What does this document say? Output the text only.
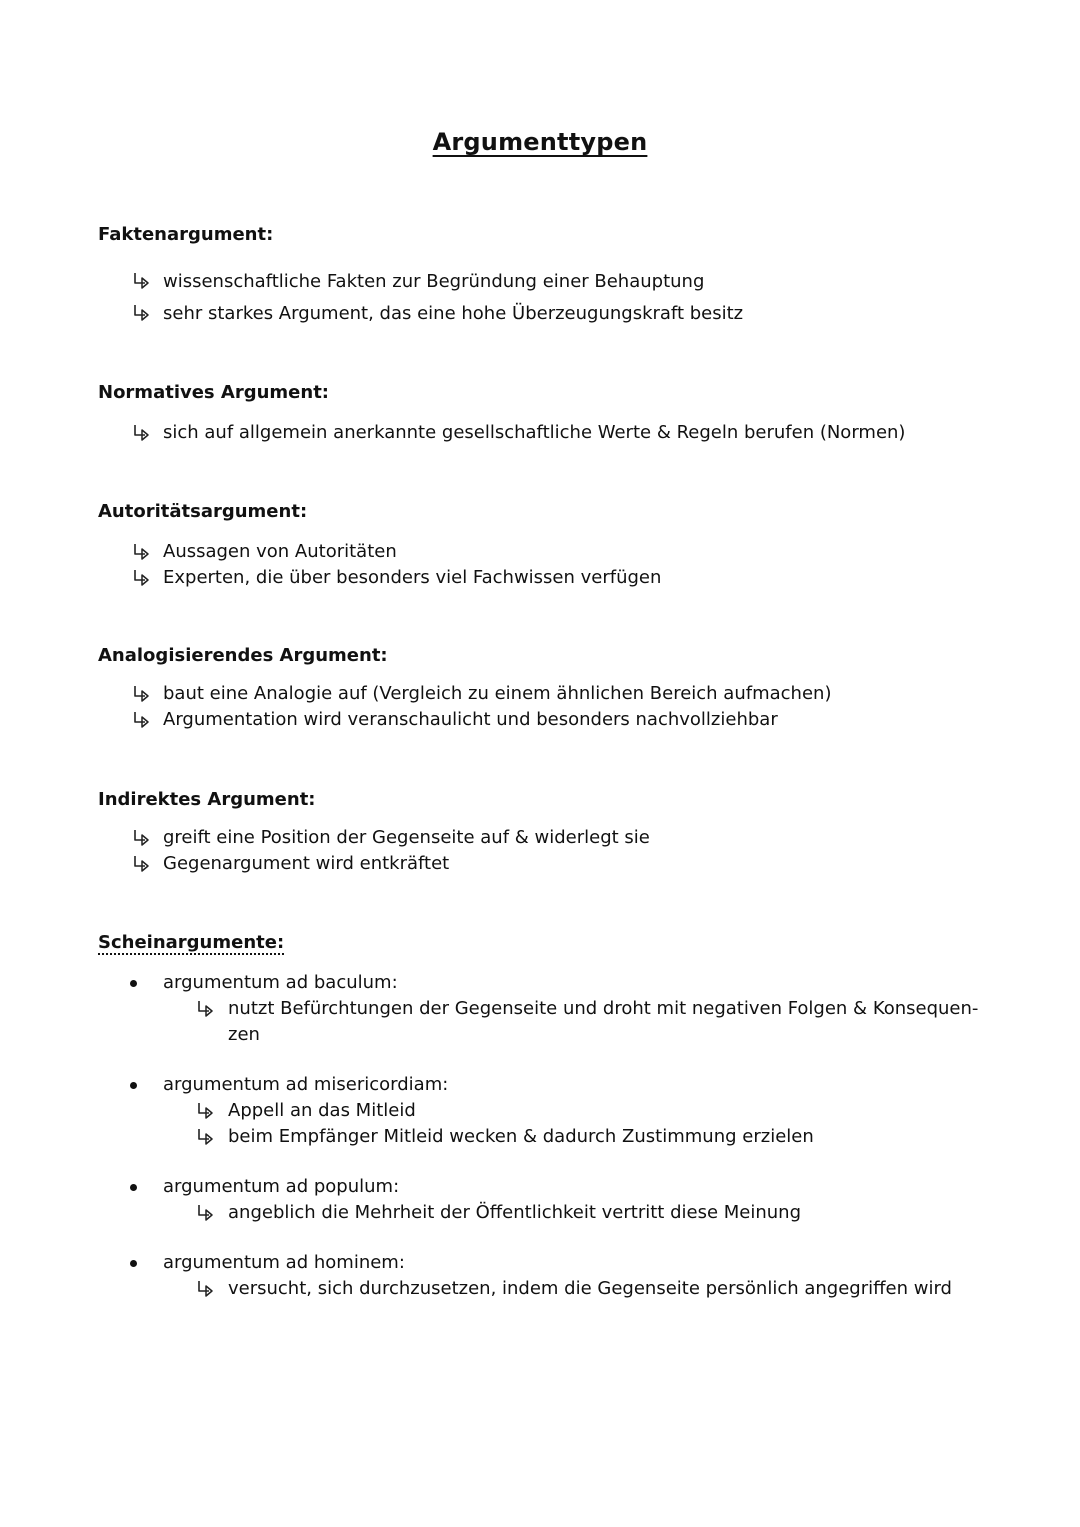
Argumenttypen
Faktenargument:
wissenschaftliche Fakten zur Begründung einer Behauptung
sehr starkes Argument, das eine hohe Überzeugungskraft besitz
Normatives Argument:
sich auf allgemein anerkannte gesellschaftliche Werte & Regeln berufen (Normen)
Autoritätsargument:
Aussagen von Autoritäten
Experten, die über besonders viel Fachwissen verfügen
Analogisierendes Argument:
baut eine Analogie auf (Vergleich zu einem ähnlichen Bereich aufmachen)
Argumentation wird veranschaulicht und besonders nachvollziehbar
Indirektes Argument:
greift eine Position der Gegenseite auf & widerlegt sie
Gegenargument wird entkräftet
Scheinargumente:
argumentum ad baculum:
nutzt Befürchtungen der Gegenseite und droht mit negativen Folgen & Konsequen-zen
argumentum ad misericordiam:
Appell an das Mitleid
beim Empfänger Mitleid wecken & dadurch Zustimmung erzielen
argumentum ad populum:
angeblich die Mehrheit der Öffentlichkeit vertritt diese Meinung
argumentum ad hominem:
versucht, sich durchzusetzen, indem die Gegenseite persönlich angegriffen wird
